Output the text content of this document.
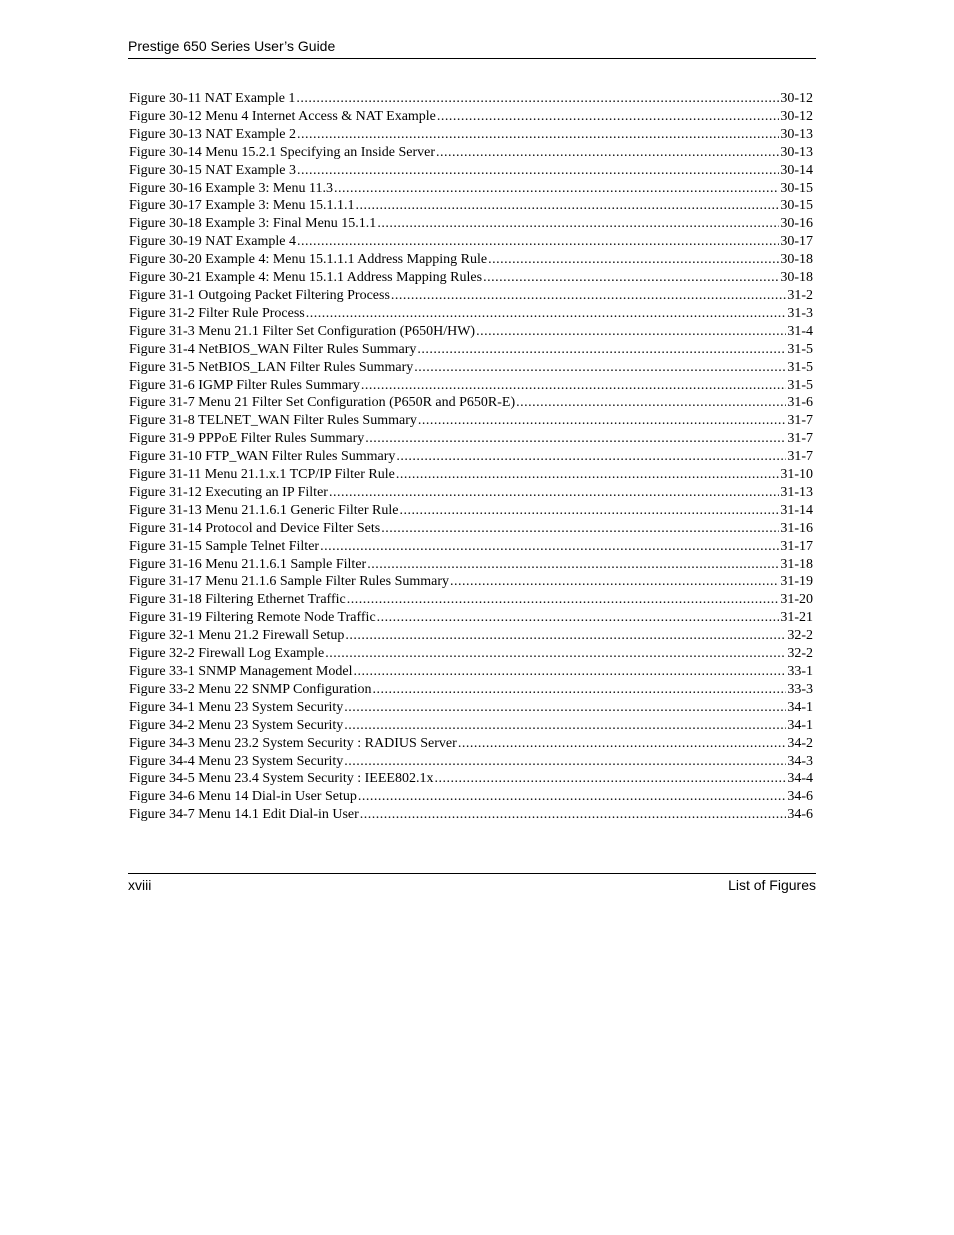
Prestige 650 Series User’s Guide
Figure 30-11 NAT Example 1 .....	30-12
Figure 30-12 Menu 4 Internet Access & NAT Example .....	30-12
Figure 30-13 NAT Example 2 .....	30-13
Figure 30-14 Menu 15.2.1 Specifying an Inside Server .....	30-13
Figure 30-15 NAT Example 3 .....	30-14
Figure 30-16 Example 3: Menu 11.3 .....	30-15
Figure 30-17 Example 3: Menu 15.1.1.1 .....	30-15
Figure 30-18 Example 3: Final Menu 15.1.1 .....	30-16
Figure 30-19 NAT Example 4 .....	30-17
Figure 30-20 Example 4: Menu 15.1.1.1 Address Mapping Rule .....	30-18
Figure 30-21 Example 4: Menu 15.1.1 Address Mapping Rules .....	30-18
Figure 31-1 Outgoing Packet Filtering Process .....	31-2
Figure 31-2 Filter Rule Process .....	31-3
Figure 31-3 Menu 21.1 Filter Set Configuration (P650H/HW) .....	31-4
Figure 31-4 NetBIOS_WAN Filter Rules Summary .....	31-5
Figure 31-5 NetBIOS_LAN Filter Rules Summary .....	31-5
Figure 31-6 IGMP Filter Rules Summary .....	31-5
Figure 31-7 Menu 21 Filter Set Configuration (P650R and P650R-E) .....	31-6
Figure 31-8 TELNET_WAN Filter Rules Summary .....	31-7
Figure 31-9 PPPoE Filter Rules Summary .....	31-7
Figure 31-10 FTP_WAN Filter Rules Summary .....	31-7
Figure 31-11 Menu 21.1.x.1 TCP/IP Filter Rule .....	31-10
Figure 31-12 Executing an IP Filter .....	31-13
Figure 31-13 Menu 21.1.6.1 Generic Filter Rule .....	31-14
Figure 31-14 Protocol and Device Filter Sets .....	31-16
Figure 31-15 Sample Telnet Filter .....	31-17
Figure 31-16 Menu 21.1.6.1 Sample Filter .....	31-18
Figure 31-17 Menu 21.1.6 Sample Filter Rules Summary .....	31-19
Figure 31-18 Filtering Ethernet Traffic .....	31-20
Figure 31-19 Filtering Remote Node Traffic .....	31-21
Figure 32-1 Menu 21.2 Firewall Setup .....	32-2
Figure 32-2 Firewall Log Example .....	32-2
Figure 33-1 SNMP Management Model .....	33-1
Figure 33-2 Menu 22 SNMP Configuration .....	33-3
Figure 34-1 Menu 23 System Security .....	34-1
Figure 34-2 Menu 23 System Security .....	34-1
Figure 34-3 Menu 23.2 System Security : RADIUS Server .....	34-2
Figure 34-4 Menu 23 System Security .....	34-3
Figure 34-5 Menu 23.4 System Security : IEEE802.1x .....	34-4
Figure 34-6 Menu 14 Dial-in User Setup .....	34-6
Figure 34-7 Menu 14.1 Edit Dial-in User .....	34-6
xviii	List of Figures
